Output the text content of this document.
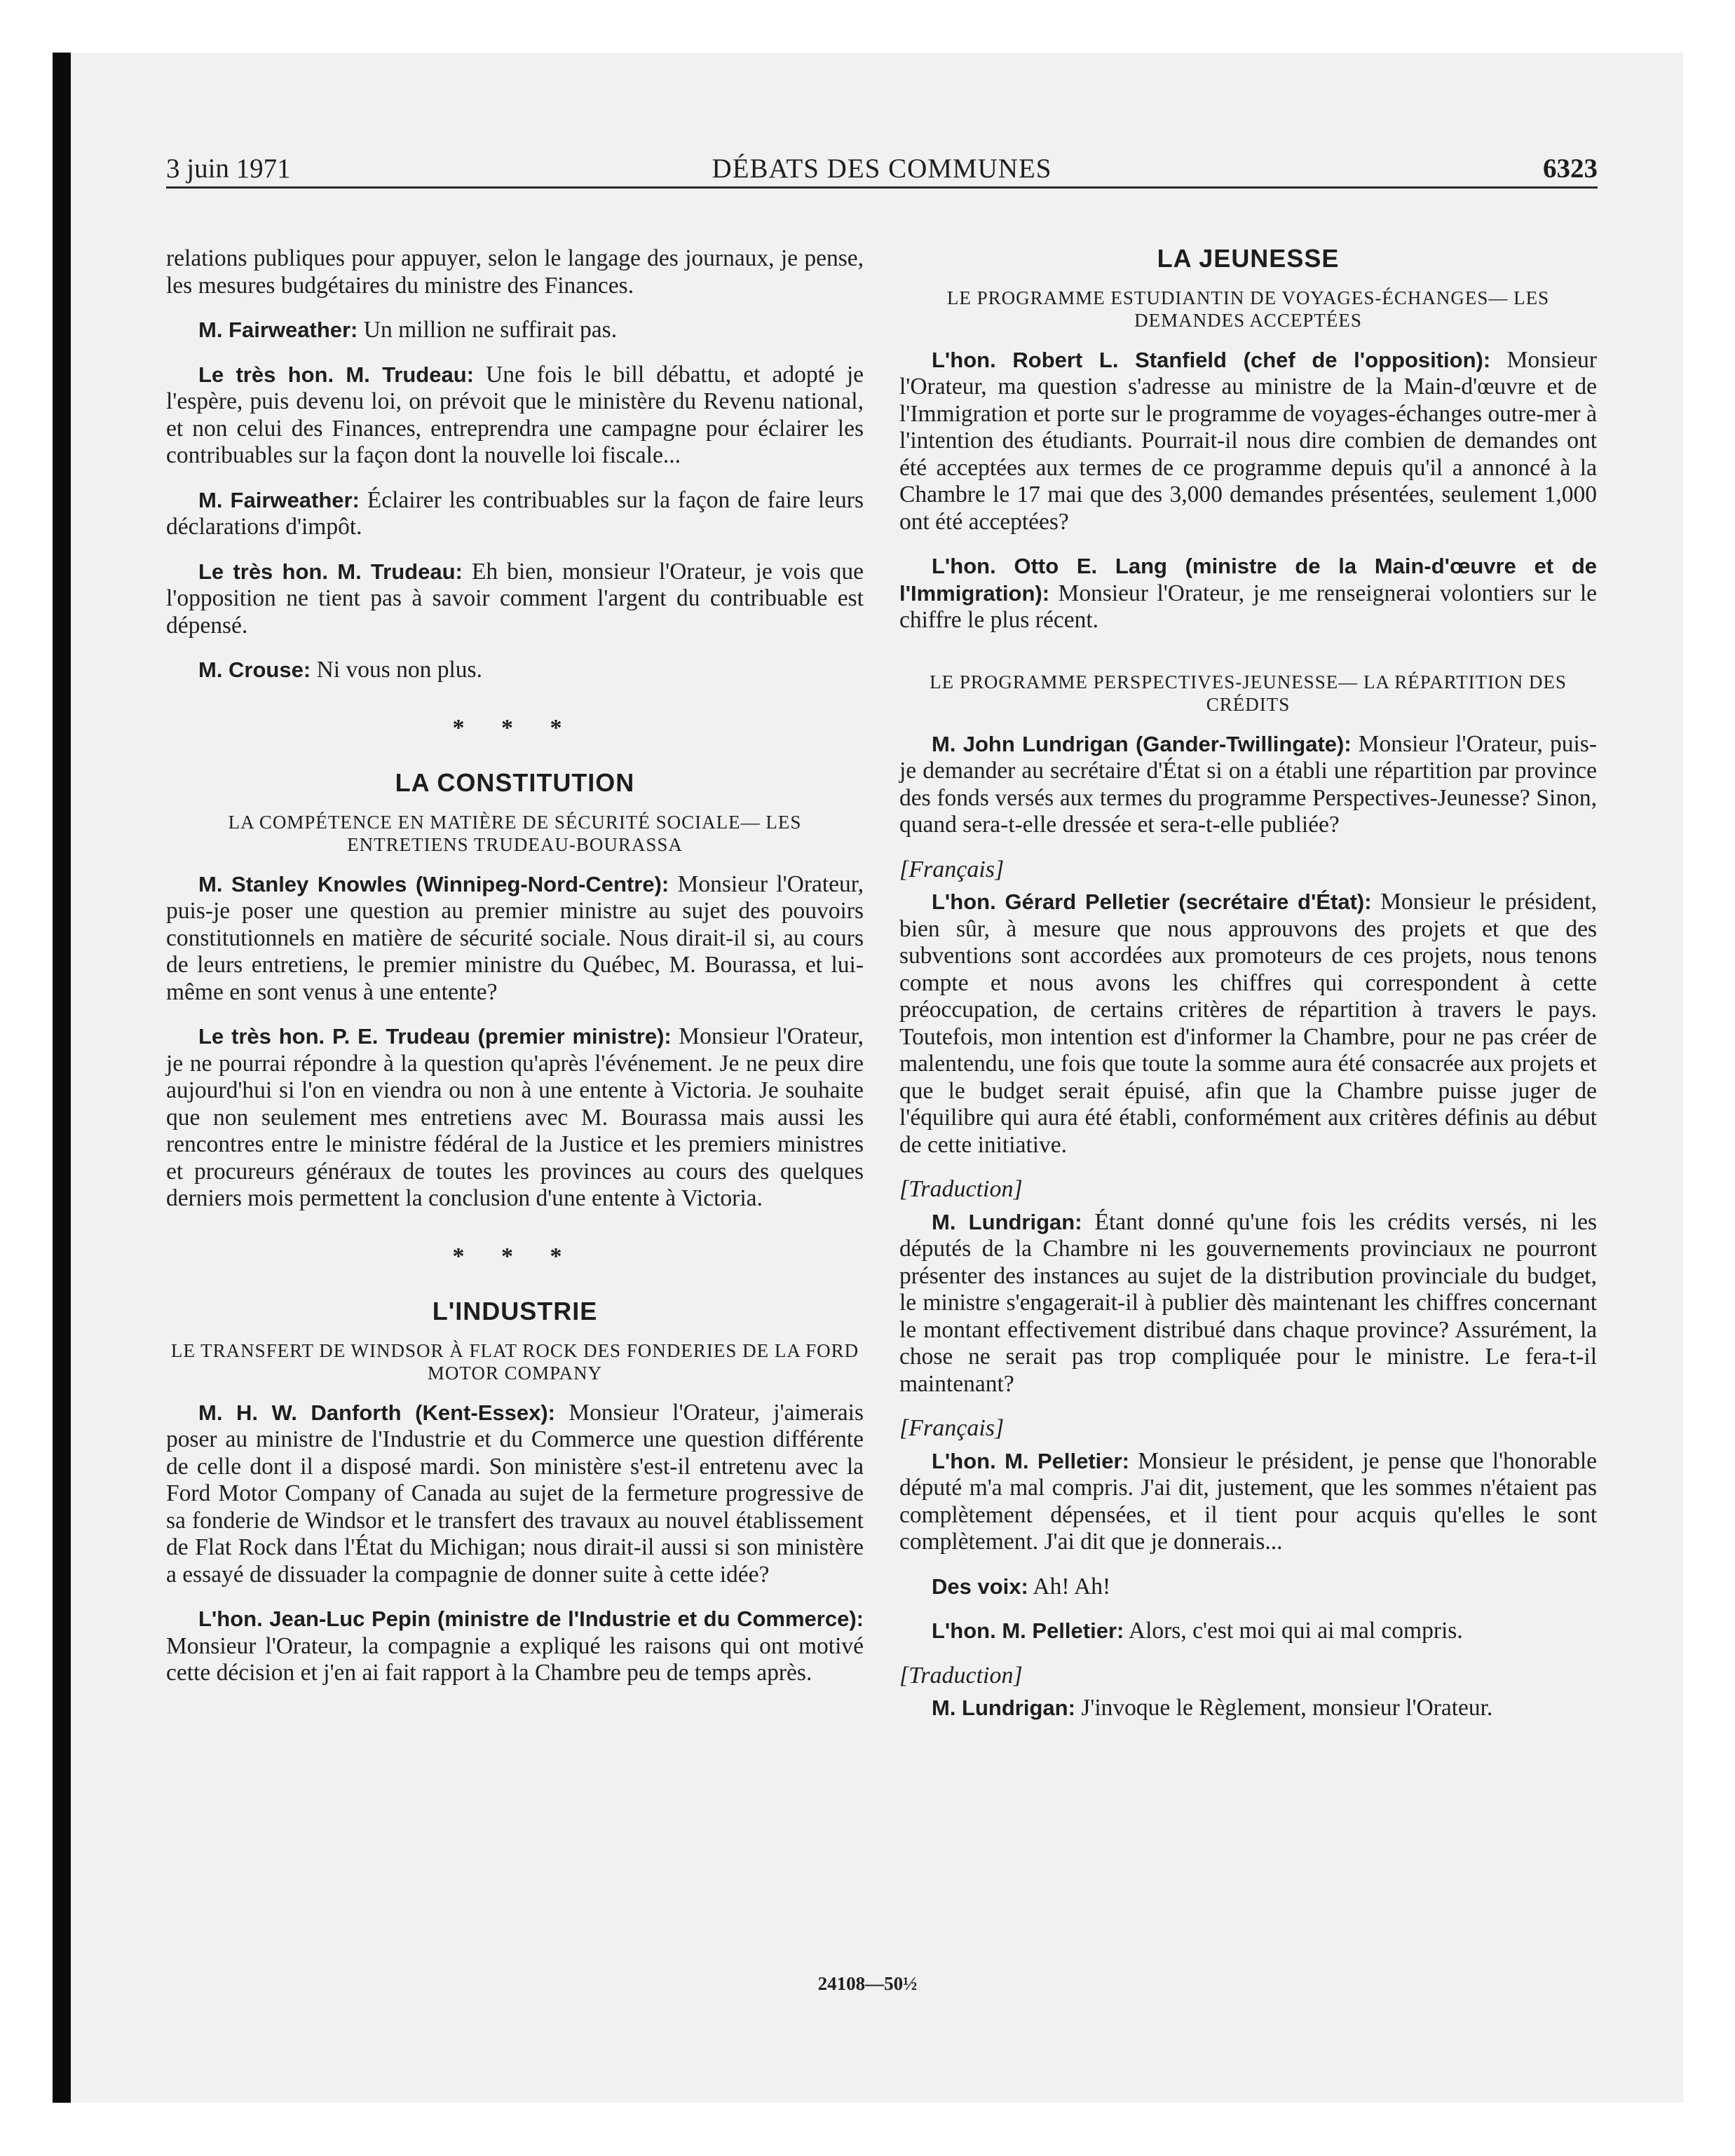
3 juin 1971	DÉBATS DES COMMUNES	6323

relations publiques pour appuyer, selon le langage des journaux, je pense, les mesures budgétaires du ministre des Finances.

M. Fairweather: Un million ne suffirait pas.

Le très hon. M. Trudeau: Une fois le bill débattu, et adopté je l'espère, puis devenu loi, on prévoit que le ministère du Revenu national, et non celui des Finances, entreprendra une campagne pour éclairer les contribuables sur la façon dont la nouvelle loi fiscale...

M. Fairweather: Éclairer les contribuables sur la façon de faire leurs déclarations d'impôt.

Le très hon. M. Trudeau: Eh bien, monsieur l'Orateur, je vois que l'opposition ne tient pas à savoir comment l'argent du contribuable est dépensé.

M. Crouse: Ni vous non plus.

* * *
LA CONSTITUTION
LA COMPÉTENCE EN MATIÈRE DE SÉCURITÉ SOCIALE— LES ENTRETIENS TRUDEAU-BOURASSA

M. Stanley Knowles (Winnipeg-Nord-Centre): Monsieur l'Orateur, puis-je poser une question au premier ministre au sujet des pouvoirs constitutionnels en matière de sécurité sociale. Nous dirait-il si, au cours de leurs entretiens, le premier ministre du Québec, M. Bourassa, et lui-même en sont venus à une entente?

Le très hon. P. E. Trudeau (premier ministre): Monsieur l'Orateur, je ne pourrai répondre à la question qu'après l'événement. Je ne peux dire aujourd'hui si l'on en viendra ou non à une entente à Victoria. Je souhaite que non seulement mes entretiens avec M. Bourassa mais aussi les rencontres entre le ministre fédéral de la Justice et les premiers ministres et procureurs généraux de toutes les provinces au cours des quelques derniers mois permettent la conclusion d'une entente à Victoria.

* * *
L'INDUSTRIE
LE TRANSFERT DE WINDSOR À FLAT ROCK DES FONDERIES DE LA FORD MOTOR COMPANY

M. H. W. Danforth (Kent-Essex): Monsieur l'Orateur, j'aimerais poser au ministre de l'Industrie et du Commerce une question différente de celle dont il a disposé mardi. Son ministère s'est-il entretenu avec la Ford Motor Company of Canada au sujet de la fermeture progressive de sa fonderie de Windsor et le transfert des travaux au nouvel établissement de Flat Rock dans l'État du Michigan; nous dirait-il aussi si son ministère a essayé de dissuader la compagnie de donner suite à cette idée?

L'hon. Jean-Luc Pepin (ministre de l'Industrie et du Commerce): Monsieur l'Orateur, la compagnie a expliqué les raisons qui ont motivé cette décision et j'en ai fait rapport à la Chambre peu de temps après.

LA JEUNESSE
LE PROGRAMME ESTUDIANTIN DE VOYAGES-ÉCHANGES— LES DEMANDES ACCEPTÉES

L'hon. Robert L. Stanfield (chef de l'opposition): Monsieur l'Orateur, ma question s'adresse au ministre de la Main-d'œuvre et de l'Immigration et porte sur le programme de voyages-échanges outre-mer à l'intention des étudiants. Pourrait-il nous dire combien de demandes ont été acceptées aux termes de ce programme depuis qu'il a annoncé à la Chambre le 17 mai que des 3,000 demandes présentées, seulement 1,000 ont été acceptées?

L'hon. Otto E. Lang (ministre de la Main-d'œuvre et de l'Immigration): Monsieur l'Orateur, je me renseignerai volontiers sur le chiffre le plus récent.

LE PROGRAMME PERSPECTIVES-JEUNESSE— LA RÉPARTITION DES CRÉDITS

M. John Lundrigan (Gander-Twillingate): Monsieur l'Orateur, puis-je demander au secrétaire d'État si on a établi une répartition par province des fonds versés aux termes du programme Perspectives-Jeunesse? Sinon, quand sera-t-elle dressée et sera-t-elle publiée?

[Français]

L'hon. Gérard Pelletier (secrétaire d'État): Monsieur le président, bien sûr, à mesure que nous approuvons des projets et que des subventions sont accordées aux promoteurs de ces projets, nous tenons compte et nous avons les chiffres qui correspondent à cette préoccupation, de certains critères de répartition à travers le pays. Toutefois, mon intention est d'informer la Chambre, pour ne pas créer de malentendu, une fois que toute la somme aura été consacrée aux projets et que le budget serait épuisé, afin que la Chambre puisse juger de l'équilibre qui aura été établi, conformément aux critères définis au début de cette initiative.

[Traduction]

M. Lundrigan: Étant donné qu'une fois les crédits versés, ni les députés de la Chambre ni les gouvernements provinciaux ne pourront présenter des instances au sujet de la distribution provinciale du budget, le ministre s'engagerait-il à publier dès maintenant les chiffres concernant le montant effectivement distribué dans chaque province? Assurément, la chose ne serait pas trop compliquée pour le ministre. Le fera-t-il maintenant?

[Français]

L'hon. M. Pelletier: Monsieur le président, je pense que l'honorable député m'a mal compris. J'ai dit, justement, que les sommes n'étaient pas complètement dépensées, et il tient pour acquis qu'elles le sont complètement. J'ai dit que je donnerais...

Des voix: Ah! Ah!

L'hon. M. Pelletier: Alors, c'est moi qui ai mal compris.

[Traduction]

M. Lundrigan: J'invoque le Règlement, monsieur l'Orateur.

24108—50½
